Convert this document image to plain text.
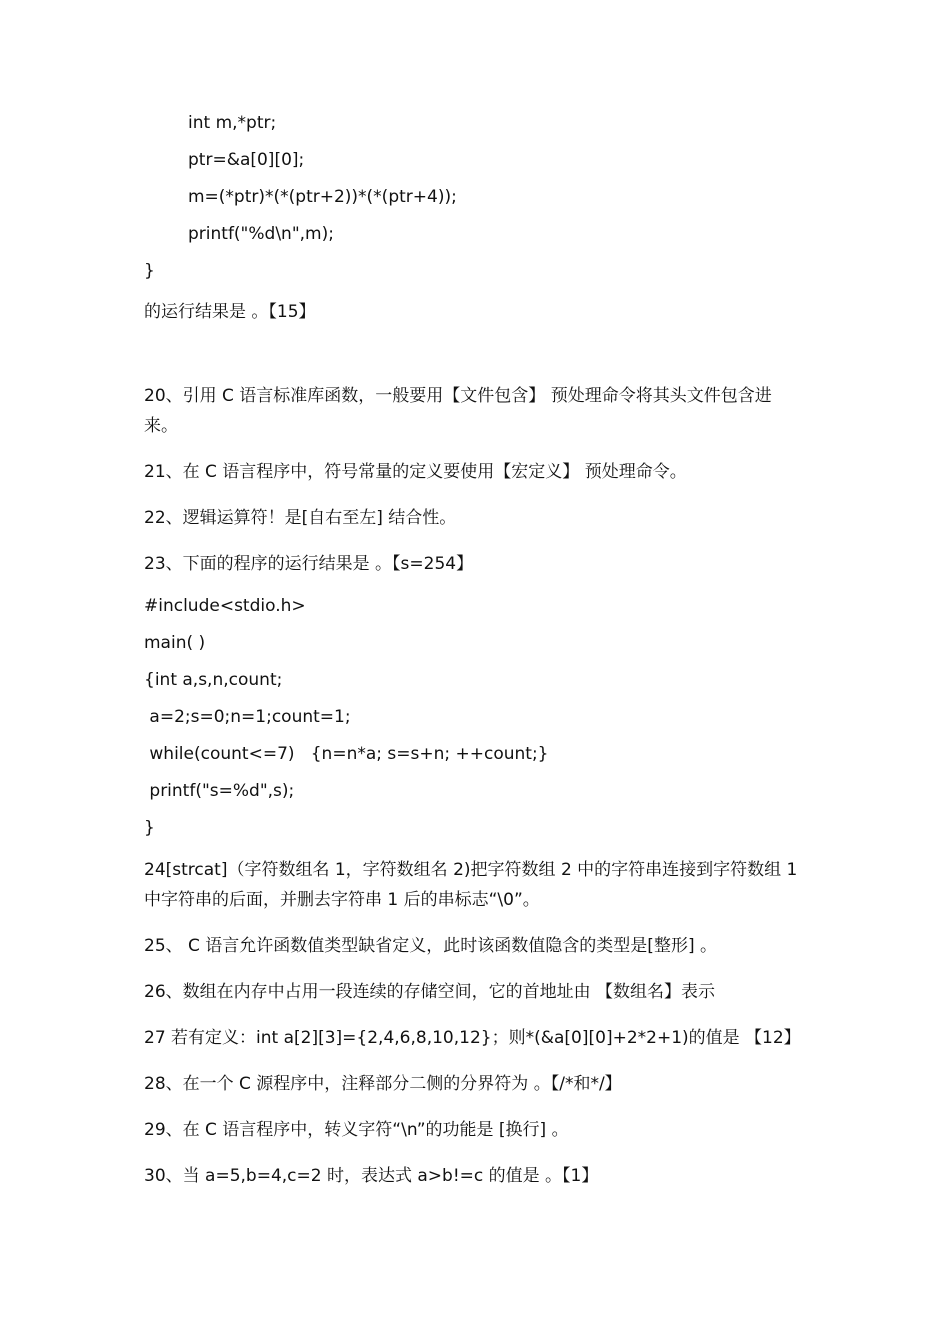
int m,*ptr;
ptr=&a[0][0];
m=(*ptr)*(*(ptr+2))*(*(ptr+4));
printf("%d\n",m);
}
的运行结果是 。【15】
20、引用 C 语言标准库函数，一般要用【文件包含】 预处理命令将其头文件包含进来。
21、在 C 语言程序中，符号常量的定义要使用【宏定义】 预处理命令。
22、逻辑运算符！是[自右至左] 结合性。
23、下面的程序的运行结果是 。【s=254】
#include<stdio.h>
main( )
{int a,s,n,count;
a=2;s=0;n=1;count=1;
while(count<=7)   {n=n*a; s=s+n; ++count;}
printf("s=%d",s);
}
24[strcat]（字符数组名 1，字符数组名 2)把字符数组 2 中的字符串连接到字符数组 1 中字符串的后面，并删去字符串 1 后的串标志“\0”。
25、 C 语言允许函数值类型缺省定义，此时该函数值隐含的类型是[整形] 。
26、数组在内存中占用一段连续的存储空间，它的首地址由 【数组名】表示
27 若有定义：int a[2][3]={2,4,6,8,10,12}；则*(&a[0][0]+2*2+1)的值是 【12】
28、在一个 C 源程序中，注释部分二侧的分界符为 。【/*和*/】
29、在 C 语言程序中，转义字符“\n”的功能是 [换行] 。
30、当 a=5,b=4,c=2 时，表达式 a>b!=c 的值是 。【1】
